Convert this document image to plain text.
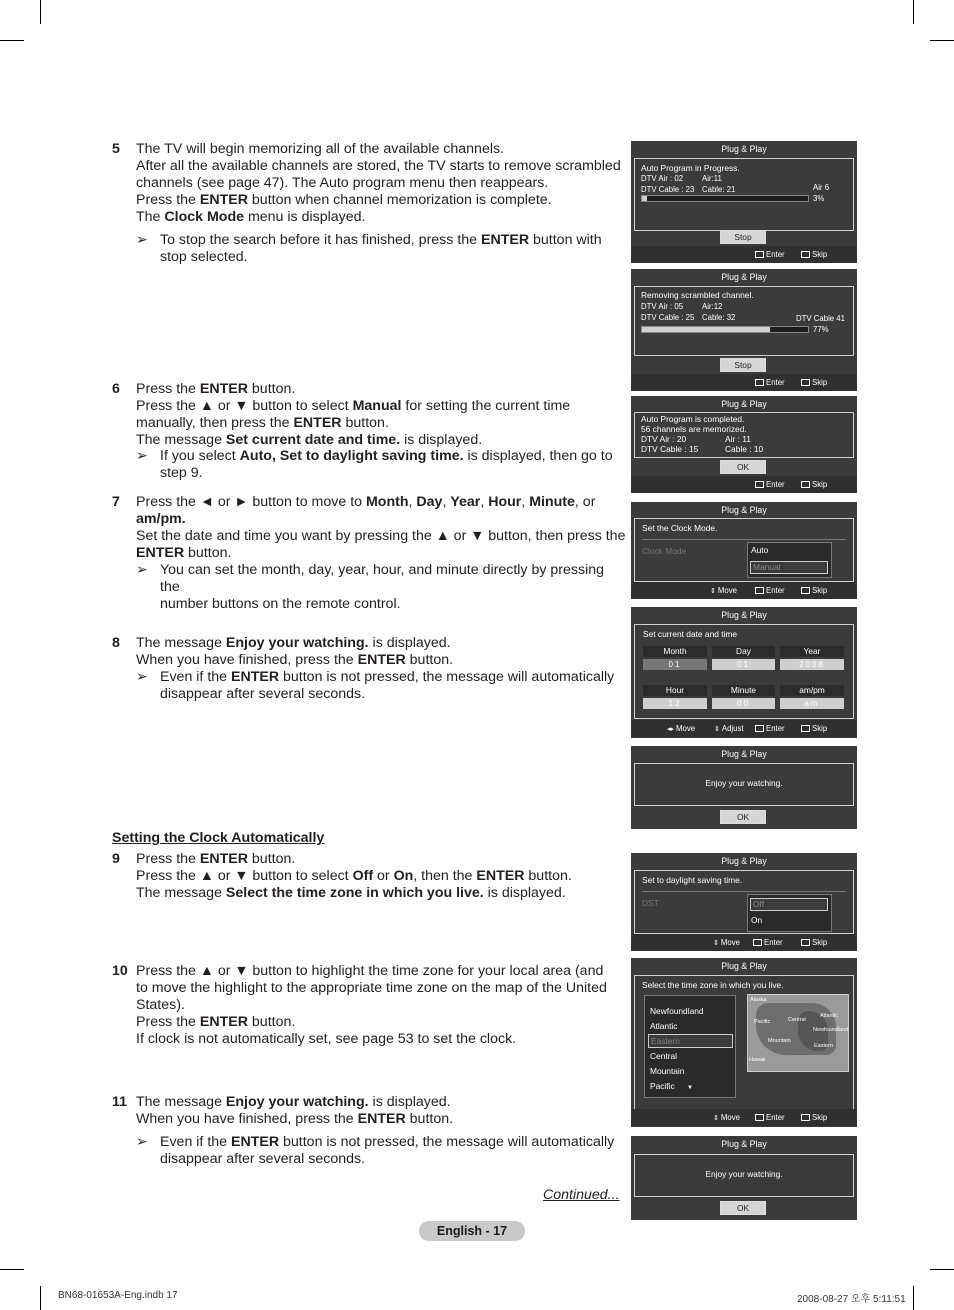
5 The TV will begin memorizing all of the available channels.
After all the available channels are stored, the TV starts to remove scrambled
channels (see page 47). The Auto program menu then reappears.
Press the ENTER button when channel memorization is complete.
The Clock Mode menu is displayed.
➢ To stop the search before it has finished, press the ENTER button with
stop selected.
6 Press the ENTER button.
Press the ▲ or ▼ button to select Manual for setting the current time
manually, then press the ENTER button.
The message Set current date and time. is displayed.
➢ If you select Auto, Set to daylight saving time. is displayed, then go to
step 9.
7 Press the ◄ or ► button to move to Month, Day, Year, Hour, Minute, or
am/pm.
Set the date and time you want by pressing the ▲ or ▼ button, then press the
ENTER button.
➢ You can set the month, day, year, hour, and minute directly by pressing the
number buttons on the remote control.
8 The message Enjoy your watching. is displayed.
When you have finished, press the ENTER button.
➢ Even if the ENTER button is not pressed, the message will automatically
disappear after several seconds.
Setting the Clock Automatically
9 Press the ENTER button.
Press the ▲ or ▼ button to select Off or On, then the ENTER button.
The message Select the time zone in which you live. is displayed.
10 Press the ▲ or ▼ button to highlight the time zone for your local area (and
to move the highlight to the appropriate time zone on the map of the United
States).
Press the ENTER button.
If clock is not automatically set, see page 53 to set the clock.
11 The message Enjoy your watching. is displayed.
When you have finished, press the ENTER button.
➢ Even if the ENTER button is not pressed, the message will automatically
disappear after several seconds.
Continued...
English - 17
BN68-01653A-Eng.indb 17	2008-08-27 오후 5:11:51
Plug & Play
Auto Program in Progress.
DTV Air : 02 Air:11
DTV Cable : 23 Cable: 21	Air 6
3%
Stop
Enter	Skip
Plug & Play
Removing scrambled channel.
DTV Air : 05 Air:12
DTV Cable : 25 Cable: 32	DTV Cable 41
77%
Stop
Enter	Skip
Plug & Play
Auto Program is completed.
56 channels are memorized.
DTV Air : 20	Air : 11
DTV Cable : 15	Cable : 10
OK
Enter	Skip
Plug & Play
Set the Clock Mode.
Clock Mode	Auto
Manual
⇕ Move	Enter	Skip
Plug & Play
Set current date and time
Month	Day	Year
01	01	2008
Hour	Minute	am/pm
12	00	am
◂▸ Move	⇕ Adjust	Enter	Skip
Plug & Play
Enjoy your watching.
OK
Plug & Play
Set to daylight saving time.
DST	Off
On
⇕ Move	Enter	Skip
Plug & Play
Select the time zone in which you live.
Newfoundland
Atlantic
Eastern
Central
Mountain
Pacific ▼
Alaska
Pacific	Central
Atlantic
Newfoundland
Mountain
Eastern
Hawaii
⇕ Move	Enter	Skip
Plug & Play
Enjoy your watching.
OK
